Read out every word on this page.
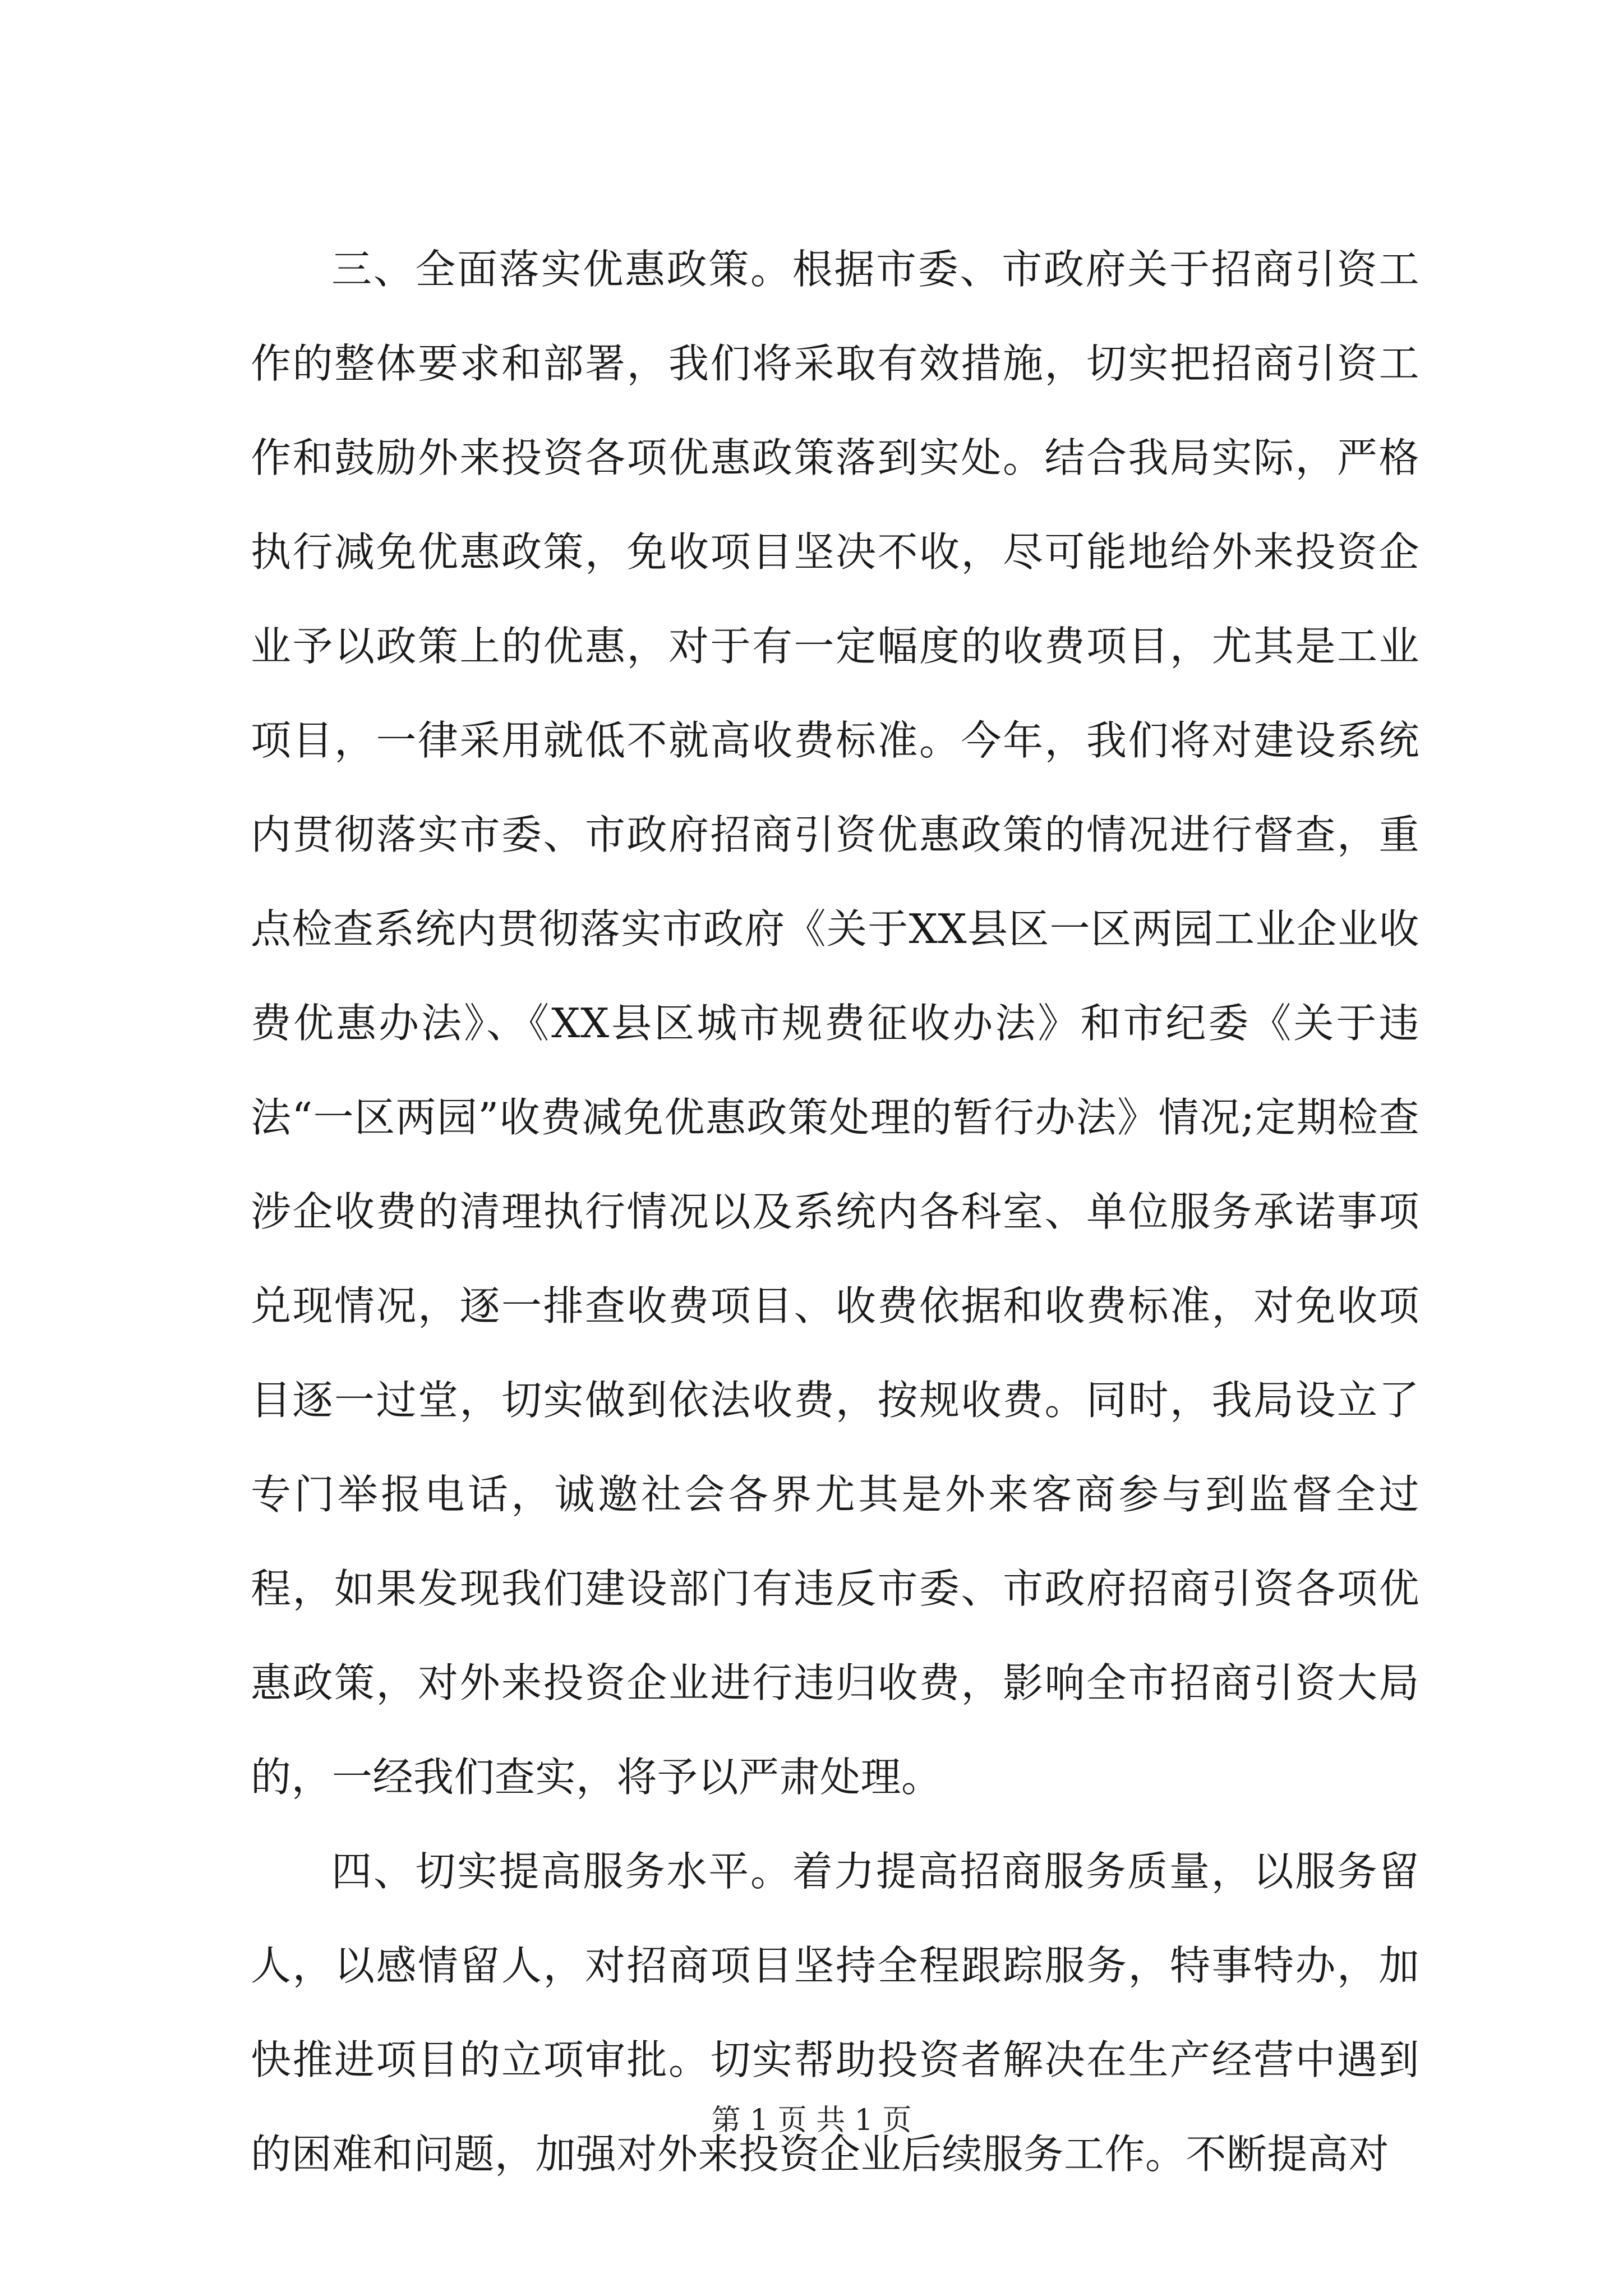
三、全面落实优惠政策。根据市委、市政府关于招商引资工作的整体要求和部署，我们将采取有效措施，切实把招商引资工作和鼓励外来投资各项优惠政策落到实处。结合我局实际，严格执行减免优惠政策，免收项目坚决不收，尽可能地给外来投资企业予以政策上的优惠，对于有一定幅度的收费项目，尤其是工业项目，一律采用就低不就高收费标准。今年，我们将对建设系统内贯彻落实市委、市政府招商引资优惠政策的情况进行督查，重点检查系统内贯彻落实市政府《关于XX县区一区两园工业企业收费优惠办法》、《XX县区城市规费征收办法》和市纪委《关于违法“一区两园”收费减免优惠政策处理的暂行办法》情况;定期检查涉企收费的清理执行情况以及系统内各科室、单位服务承诺事项兑现情况，逐一排查收费项目、收费依据和收费标准，对免收项目逐一过堂，切实做到依法收费，按规收费。同时，我局设立了专门举报电话，诚邀社会各界尤其是外来客商参与到监督全过程，如果发现我们建设部门有违反市委、市政府招商引资各项优惠政策，对外来投资企业进行违归收费，影响全市招商引资大局的，一经我们查实，将予以严肃处理。

四、切实提高服务水平。着力提高招商服务质量，以服务留人，以感情留人，对招商项目坚持全程跟踪服务，特事特办，加快推进项目的立项审批。切实帮助投资者解决在生产经营中遇到的困难和问题，加强对外来投资企业后续服务工作。不断提高对

第 1 页 共 1 页
